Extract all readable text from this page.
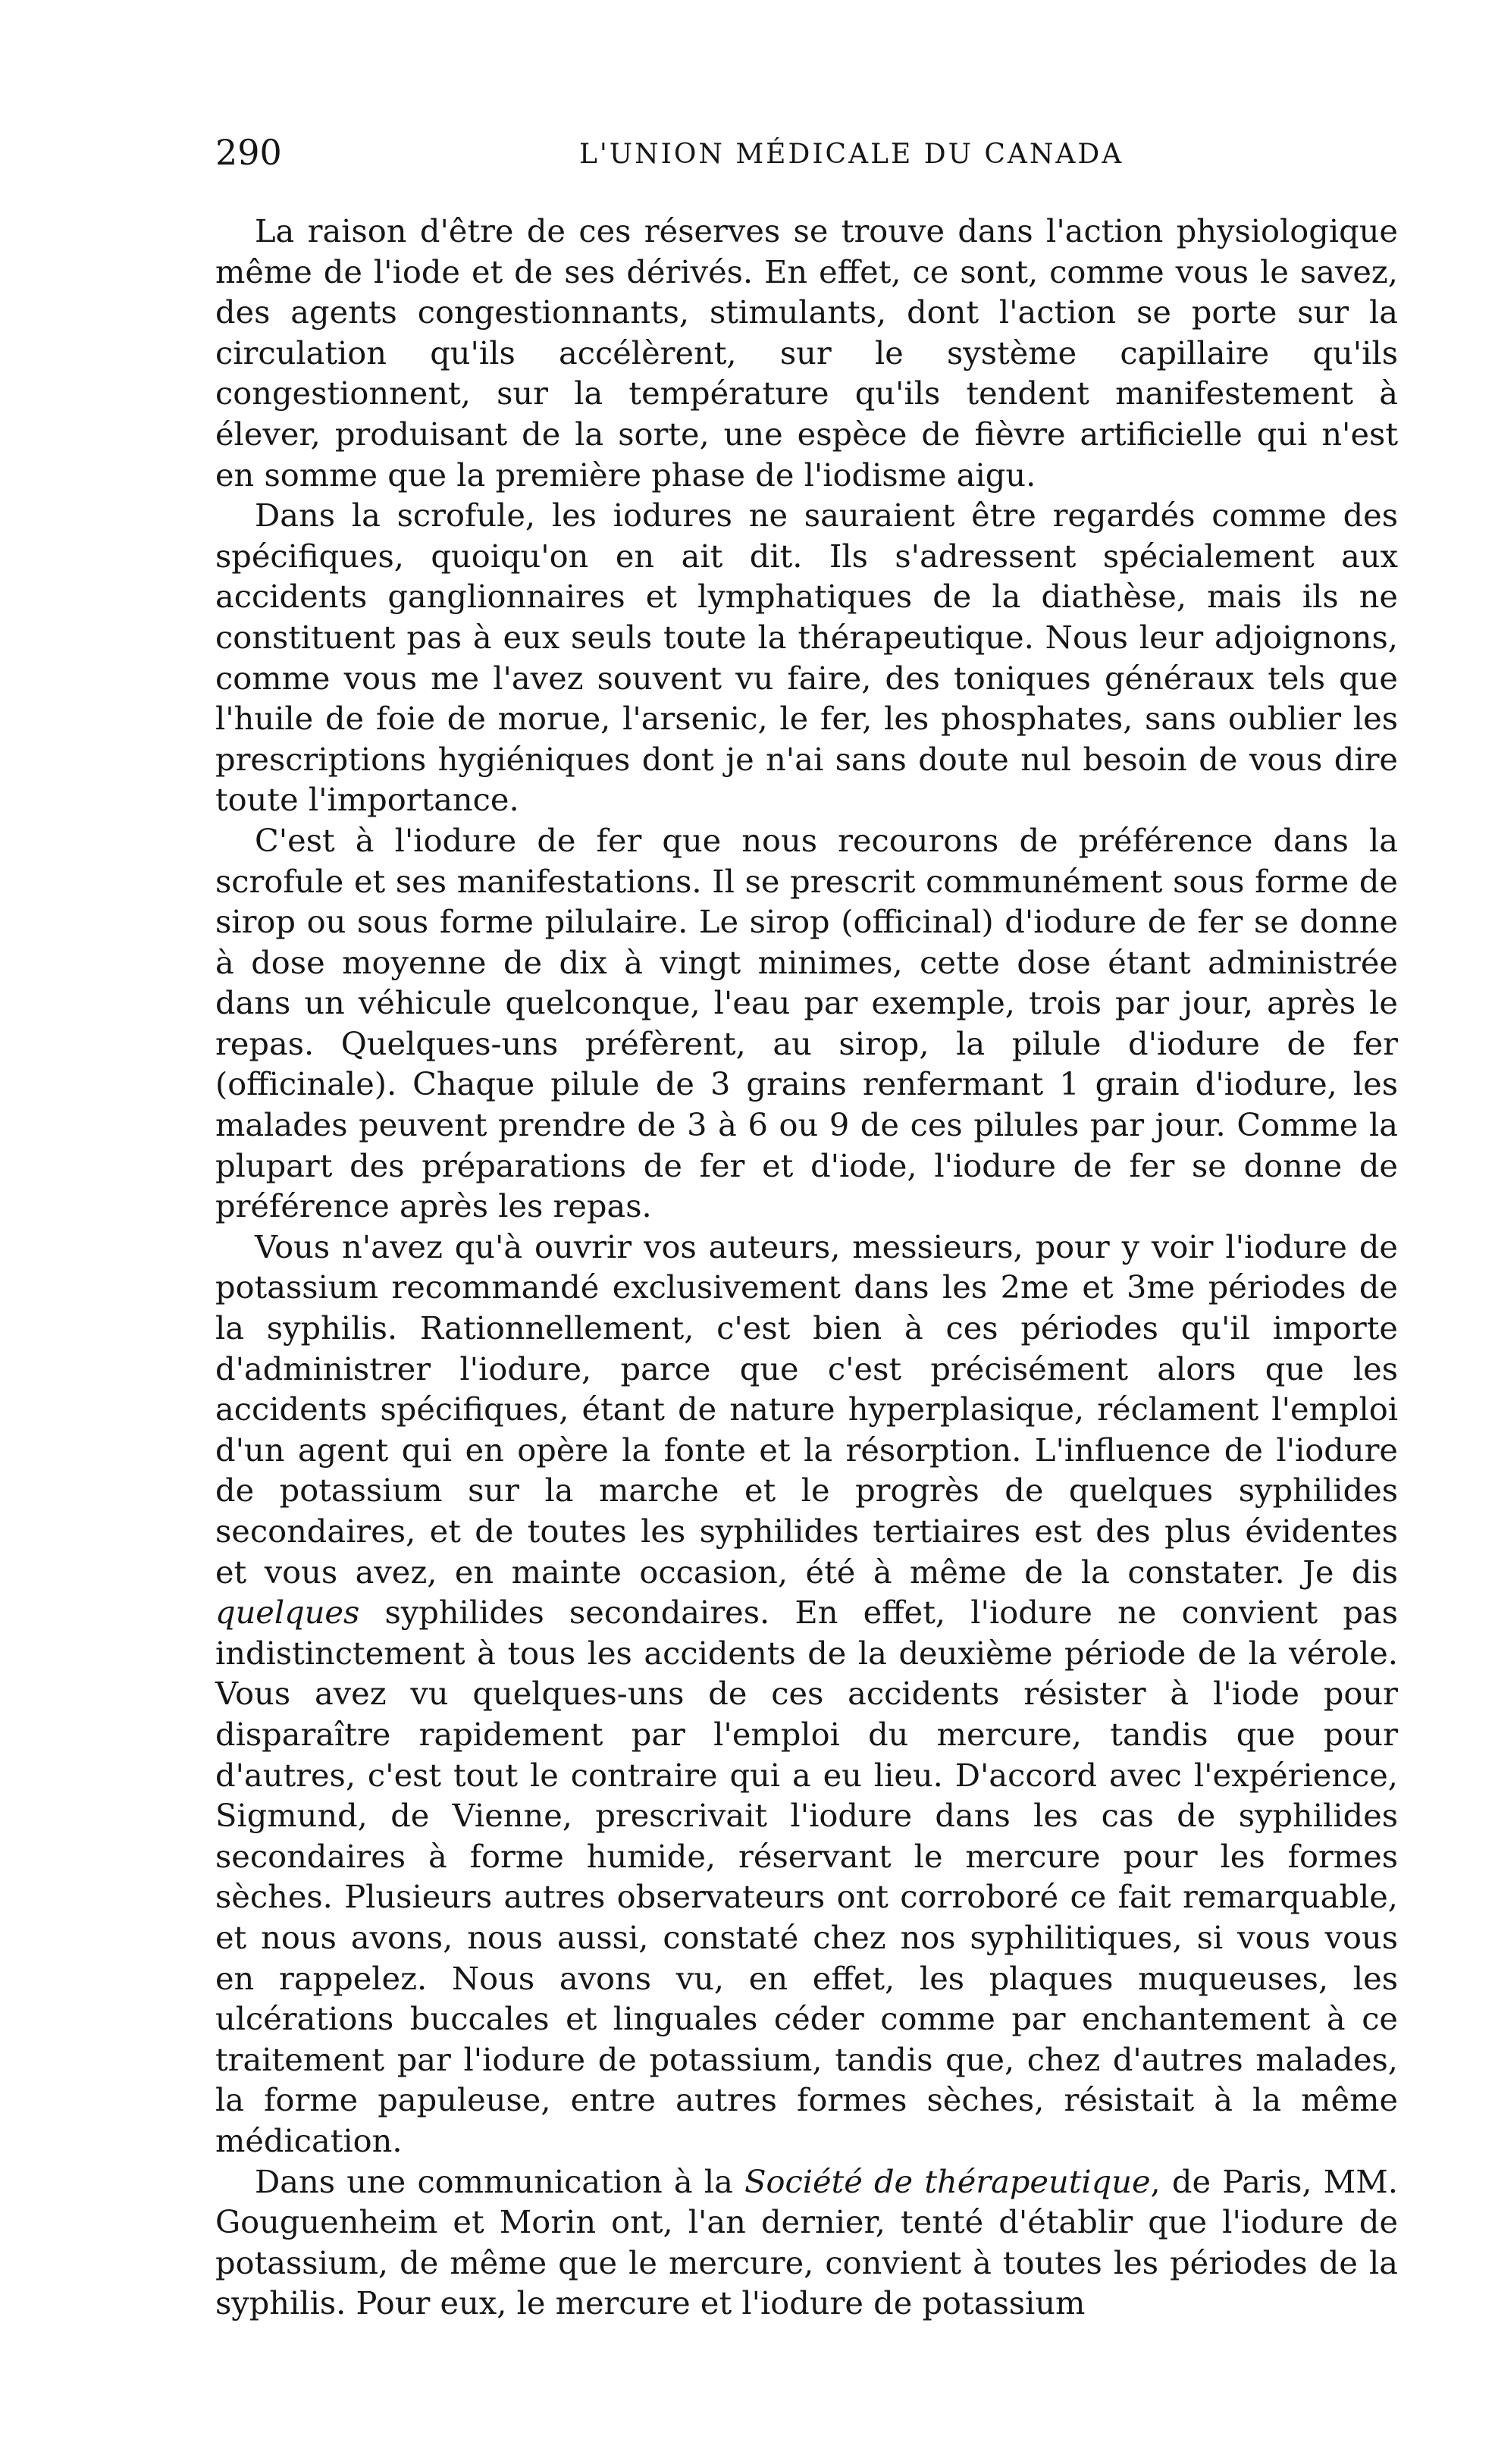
290	L'UNION MÉDICALE DU CANADA

La raison d'être de ces réserves se trouve dans l'action physiologique même de l'iode et de ses dérivés. En effet, ce sont, comme vous le savez, des agents congestionnants, stimulants, dont l'action se porte sur la circulation qu'ils accélèrent, sur le système capillaire qu'ils congestionnent, sur la température qu'ils tendent manifestement à élever, produisant de la sorte, une espèce de fièvre artificielle qui n'est en somme que la première phase de l'iodisme aigu.

Dans la scrofule, les iodures ne sauraient être regardés comme des spécifiques, quoiqu'on en ait dit. Ils s'adressent spécialement aux accidents ganglionnaires et lymphatiques de la diathèse, mais ils ne constituent pas à eux seuls toute la thérapeutique. Nous leur adjoignons, comme vous me l'avez souvent vu faire, des toniques généraux tels que l'huile de foie de morue, l'arsenic, le fer, les phosphates, sans oublier les prescriptions hygiéniques dont je n'ai sans doute nul besoin de vous dire toute l'importance.

C'est à l'iodure de fer que nous recourons de préférence dans la scrofule et ses manifestations. Il se prescrit communément sous forme de sirop ou sous forme pilulaire. Le sirop (officinal) d'iodure de fer se donne à dose moyenne de dix à vingt minimes, cette dose étant administrée dans un véhicule quelconque, l'eau par exemple, trois par jour, après le repas. Quelques-uns préfèrent, au sirop, la pilule d'iodure de fer (officinale). Chaque pilule de 3 grains renfermant 1 grain d'iodure, les malades peuvent prendre de 3 à 6 ou 9 de ces pilules par jour. Comme la plupart des préparations de fer et d'iode, l'iodure de fer se donne de préférence après les repas.

Vous n'avez qu'à ouvrir vos auteurs, messieurs, pour y voir l'iodure de potassium recommandé exclusivement dans les 2me et 3me périodes de la syphilis. Rationnellement, c'est bien à ces périodes qu'il importe d'administrer l'iodure, parce que c'est précisément alors que les accidents spécifiques, étant de nature hyperplasique, réclament l'emploi d'un agent qui en opère la fonte et la résorption. L'influence de l'iodure de potassium sur la marche et le progrès de quelques syphilides secondaires, et de toutes les syphilides tertiaires est des plus évidentes et vous avez, en mainte occasion, été à même de la constater. Je dis quelques syphilides secondaires. En effet, l'iodure ne convient pas indistinctement à tous les accidents de la deuxième période de la vérole. Vous avez vu quelques-uns de ces accidents résister à l'iode pour disparaître rapidement par l'emploi du mercure, tandis que pour d'autres, c'est tout le contraire qui a eu lieu. D'accord avec l'expérience, Sigmund, de Vienne, prescrivait l'iodure dans les cas de syphilides secondaires à forme humide, réservant le mercure pour les formes sèches. Plusieurs autres observateurs ont corroboré ce fait remarquable, et nous avons, nous aussi, constaté chez nos syphilitiques, si vous vous en rappelez. Nous avons vu, en effet, les plaques muqueuses, les ulcérations buccales et linguales céder comme par enchantement à ce traitement par l'iodure de potassium, tandis que, chez d'autres malades, la forme papuleuse, entre autres formes sèches, résistait à la même médication.

Dans une communication à la Société de thérapeutique, de Paris, MM. Gouguenheim et Morin ont, l'an dernier, tenté d'établir que l'iodure de potassium, de même que le mercure, convient à toutes les périodes de la syphilis. Pour eux, le mercure et l'iodure de potassium
